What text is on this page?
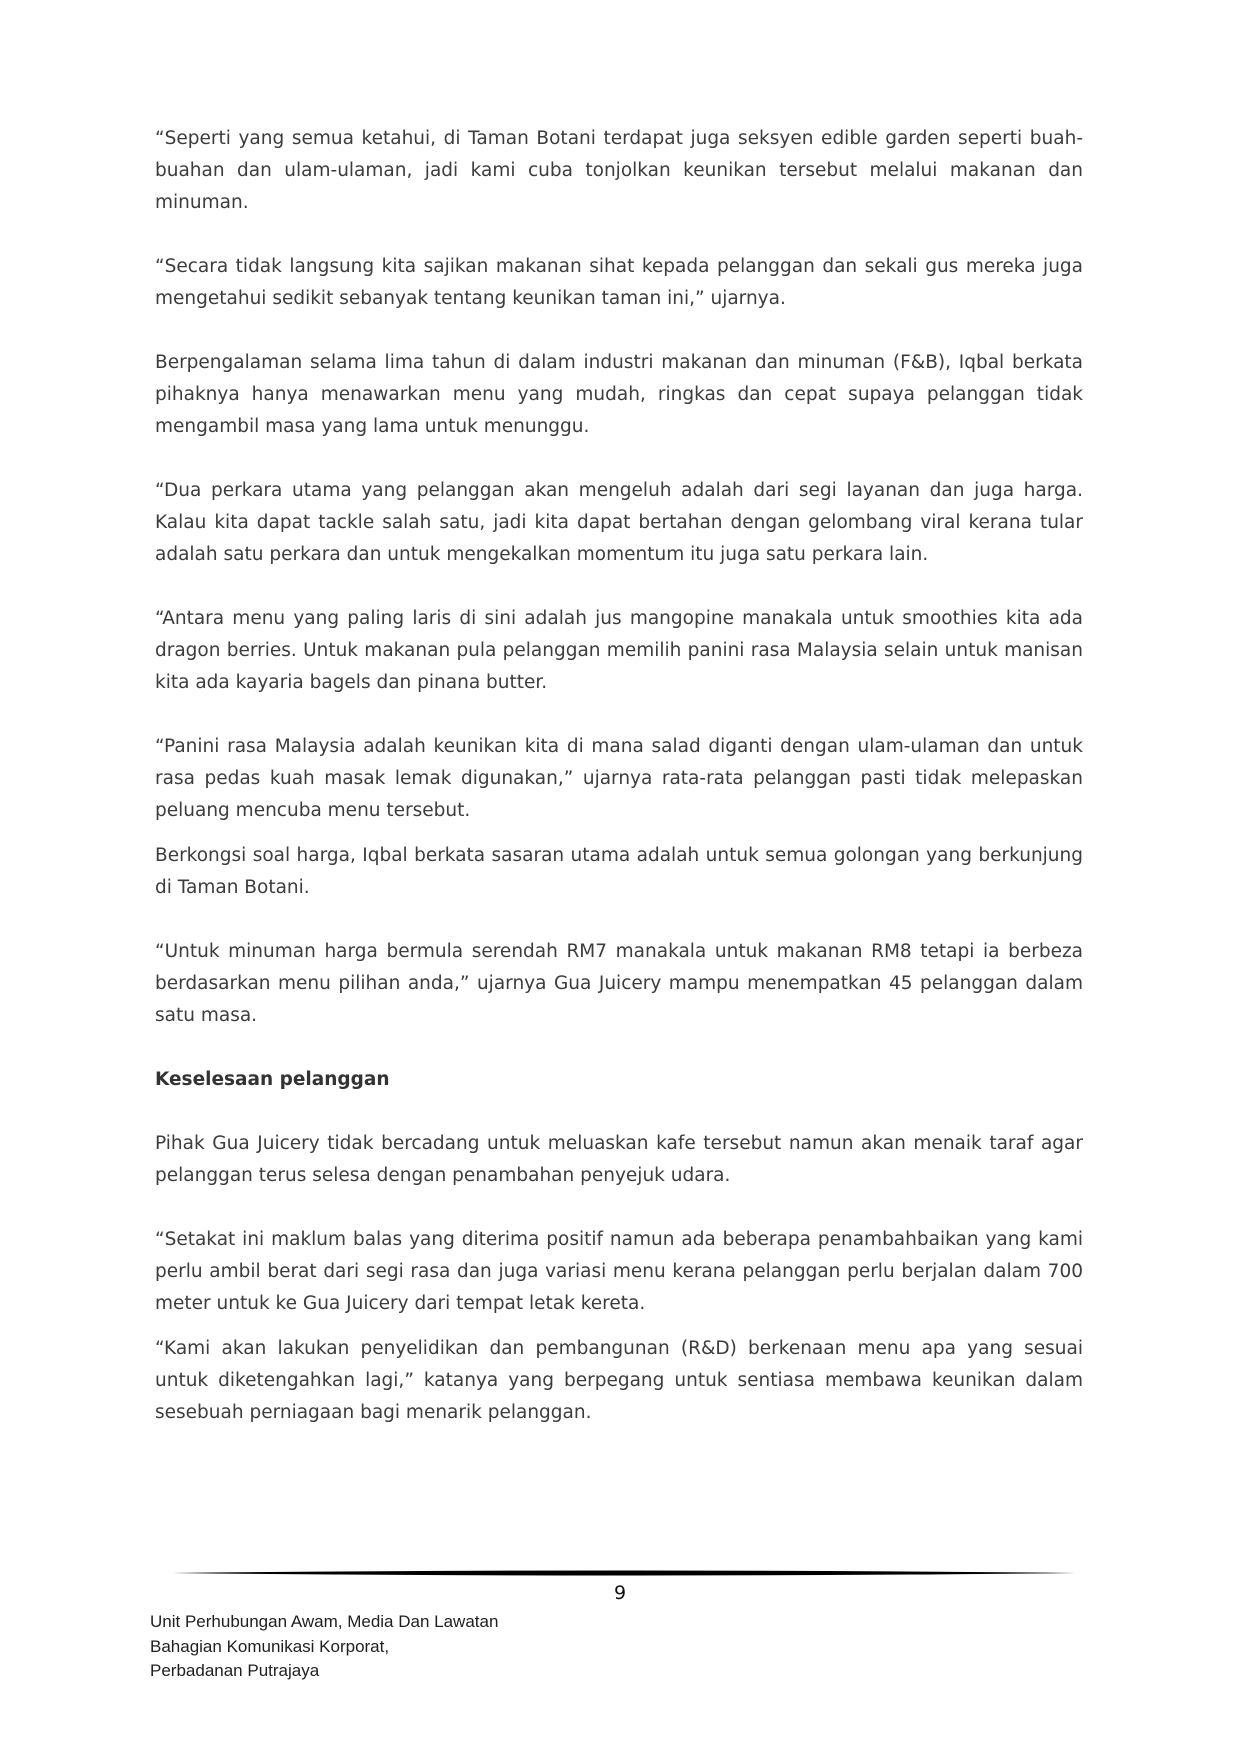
“Seperti yang semua ketahui, di Taman Botani terdapat juga seksyen edible garden seperti buah-buahan dan ulam-ulaman, jadi kami cuba tonjolkan keunikan tersebut melalui makanan dan minuman.

“Secara tidak langsung kita sajikan makanan sihat kepada pelanggan dan sekali gus mereka juga mengetahui sedikit sebanyak tentang keunikan taman ini,” ujarnya.

Berpengalaman selama lima tahun di dalam industri makanan dan minuman (F&B), Iqbal berkata pihaknya hanya menawarkan menu yang mudah, ringkas dan cepat supaya pelanggan tidak mengambil masa yang lama untuk menunggu.

“Dua perkara utama yang pelanggan akan mengeluh adalah dari segi layanan dan juga harga. Kalau kita dapat tackle salah satu, jadi kita dapat bertahan dengan gelombang viral kerana tular adalah satu perkara dan untuk mengekalkan momentum itu juga satu perkara lain.

“Antara menu yang paling laris di sini adalah jus mangopine manakala untuk smoothies kita ada dragon berries. Untuk makanan pula pelanggan memilih panini rasa Malaysia selain untuk manisan kita ada kayaria bagels dan pinana butter.

“Panini rasa Malaysia adalah keunikan kita di mana salad diganti dengan ulam-ulaman dan untuk rasa pedas kuah masak lemak digunakan,” ujarnya rata-rata pelanggan pasti tidak melepaskan peluang mencuba menu tersebut.

Berkongsi soal harga, Iqbal berkata sasaran utama adalah untuk semua golongan yang berkunjung di Taman Botani.

“Untuk minuman harga bermula serendah RM7 manakala untuk makanan RM8 tetapi ia berbeza berdasarkan menu pilihan anda,” ujarnya Gua Juicery mampu menempatkan 45 pelanggan dalam satu masa.

Keselesaan pelanggan

Pihak Gua Juicery tidak bercadang untuk meluaskan kafe tersebut namun akan menaik taraf agar pelanggan terus selesa dengan penambahan penyejuk udara.

“Setakat ini maklum balas yang diterima positif namun ada beberapa penambahbaikan yang kami perlu ambil berat dari segi rasa dan juga variasi menu kerana pelanggan perlu berjalan dalam 700 meter untuk ke Gua Juicery dari tempat letak kereta.

“Kami akan lakukan penyelidikan dan pembangunan (R&D) berkenaan menu apa yang sesuai untuk diketengahkan lagi,” katanya yang berpegang untuk sentiasa membawa keunikan dalam sesebuah perniagaan bagi menarik pelanggan.

9
Unit Perhubungan Awam, Media Dan Lawatan
Bahagian Komunikasi Korporat,
Perbadanan Putrajaya
